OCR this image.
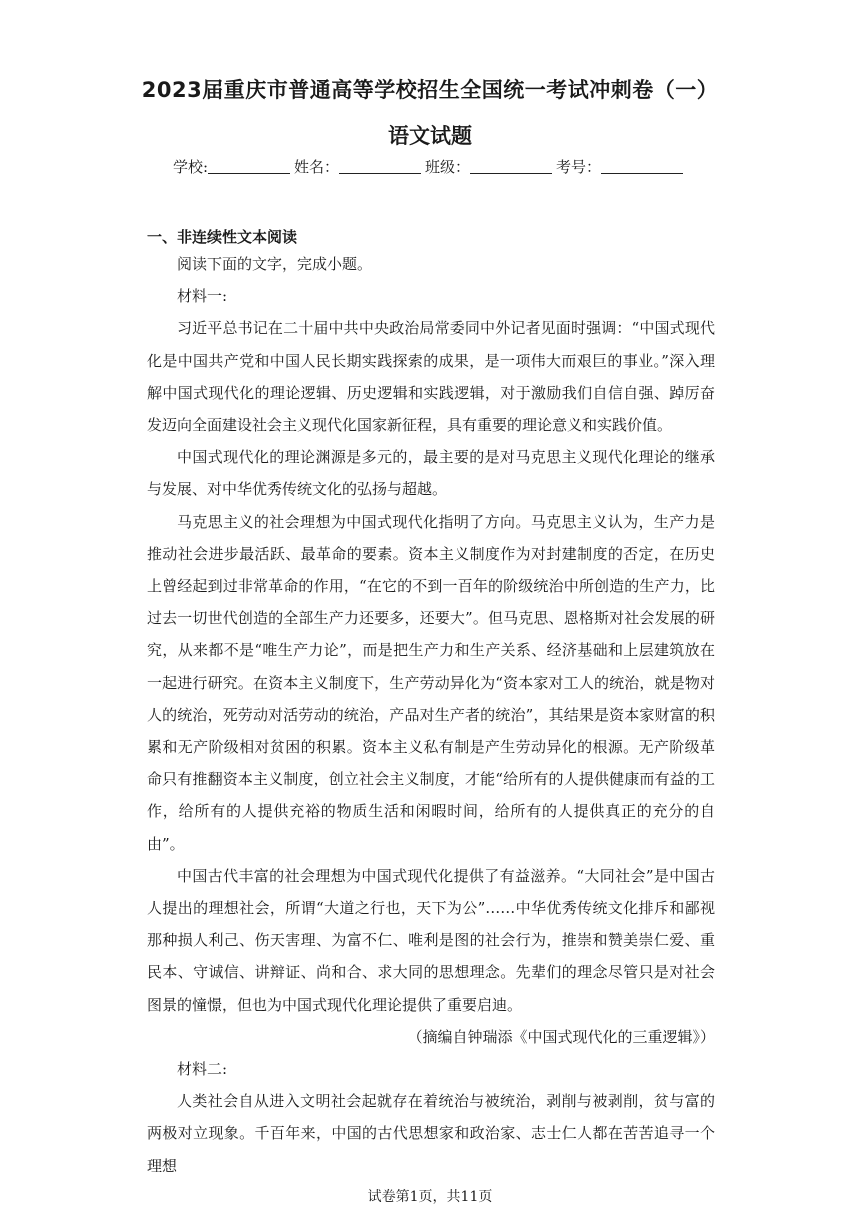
2023届重庆市普通高等学校招生全国统一考试冲刺卷（一）
语文试题
学校:	姓名：	班级：	考号：
一、非连续性文本阅读

阅读下面的文字，完成小题。

材料一:

习近平总书记在二十届中共中央政治局常委同中外记者见面时强调：“中国式现代化是中国共产党和中国人民长期实践探索的成果，是一项伟大而艰巨的事业。”深入理解中国式现代化的理论逻辑、历史逻辑和实践逻辑，对于激励我们自信自强、踔厉奋发迈向全面建设社会主义现代化国家新征程，具有重要的理论意义和实践价值。

中国式现代化的理论渊源是多元的，最主要的是对马克思主义现代化理论的继承与发展、对中华优秀传统文化的弘扬与超越。

马克思主义的社会理想为中国式现代化指明了方向。马克思主义认为，生产力是推动社会进步最活跃、最革命的要素。资本主义制度作为对封建制度的否定，在历史上曾经起到过非常革命的作用，“在它的不到一百年的阶级统治中所创造的生产力，比过去一切世代创造的全部生产力还要多，还要大”。但马克思、恩格斯对社会发展的研究，从来都不是“唯生产力论”，而是把生产力和生产关系、经济基础和上层建筑放在一起进行研究。在资本主义制度下，生产劳动异化为“资本家对工人的统治，就是物对人的统治，死劳动对活劳动的统治，产品对生产者的统治”，其结果是资本家财富的积累和无产阶级相对贫困的积累。资本主义私有制是产生劳动异化的根源。无产阶级革命只有推翻资本主义制度，创立社会主义制度，才能“给所有的人提供健康而有益的工作，给所有的人提供充裕的物质生活和闲暇时间，给所有的人提供真正的充分的自由”。

中国古代丰富的社会理想为中国式现代化提供了有益滋养。“大同社会”是中国古人提出的理想社会，所谓“大道之行也，天下为公”……中华优秀传统文化排斥和鄙视那种损人利己、伤天害理、为富不仁、唯利是图的社会行为，推崇和赞美崇仁爱、重民本、守诚信、讲辩证、尚和合、求大同的思想理念。先辈们的理念尽管只是对社会图景的憧憬，但也为中国式现代化理论提供了重要启迪。

（摘编自钟瑞添《中国式现代化的三重逻辑》）

材料二:

人类社会自从进入文明社会起就存在着统治与被统治，剥削与被剥削，贫与富的两极对立现象。千百年来，中国的古代思想家和政治家、志士仁人都在苦苦追寻一个理想

试卷第1页，共11页
